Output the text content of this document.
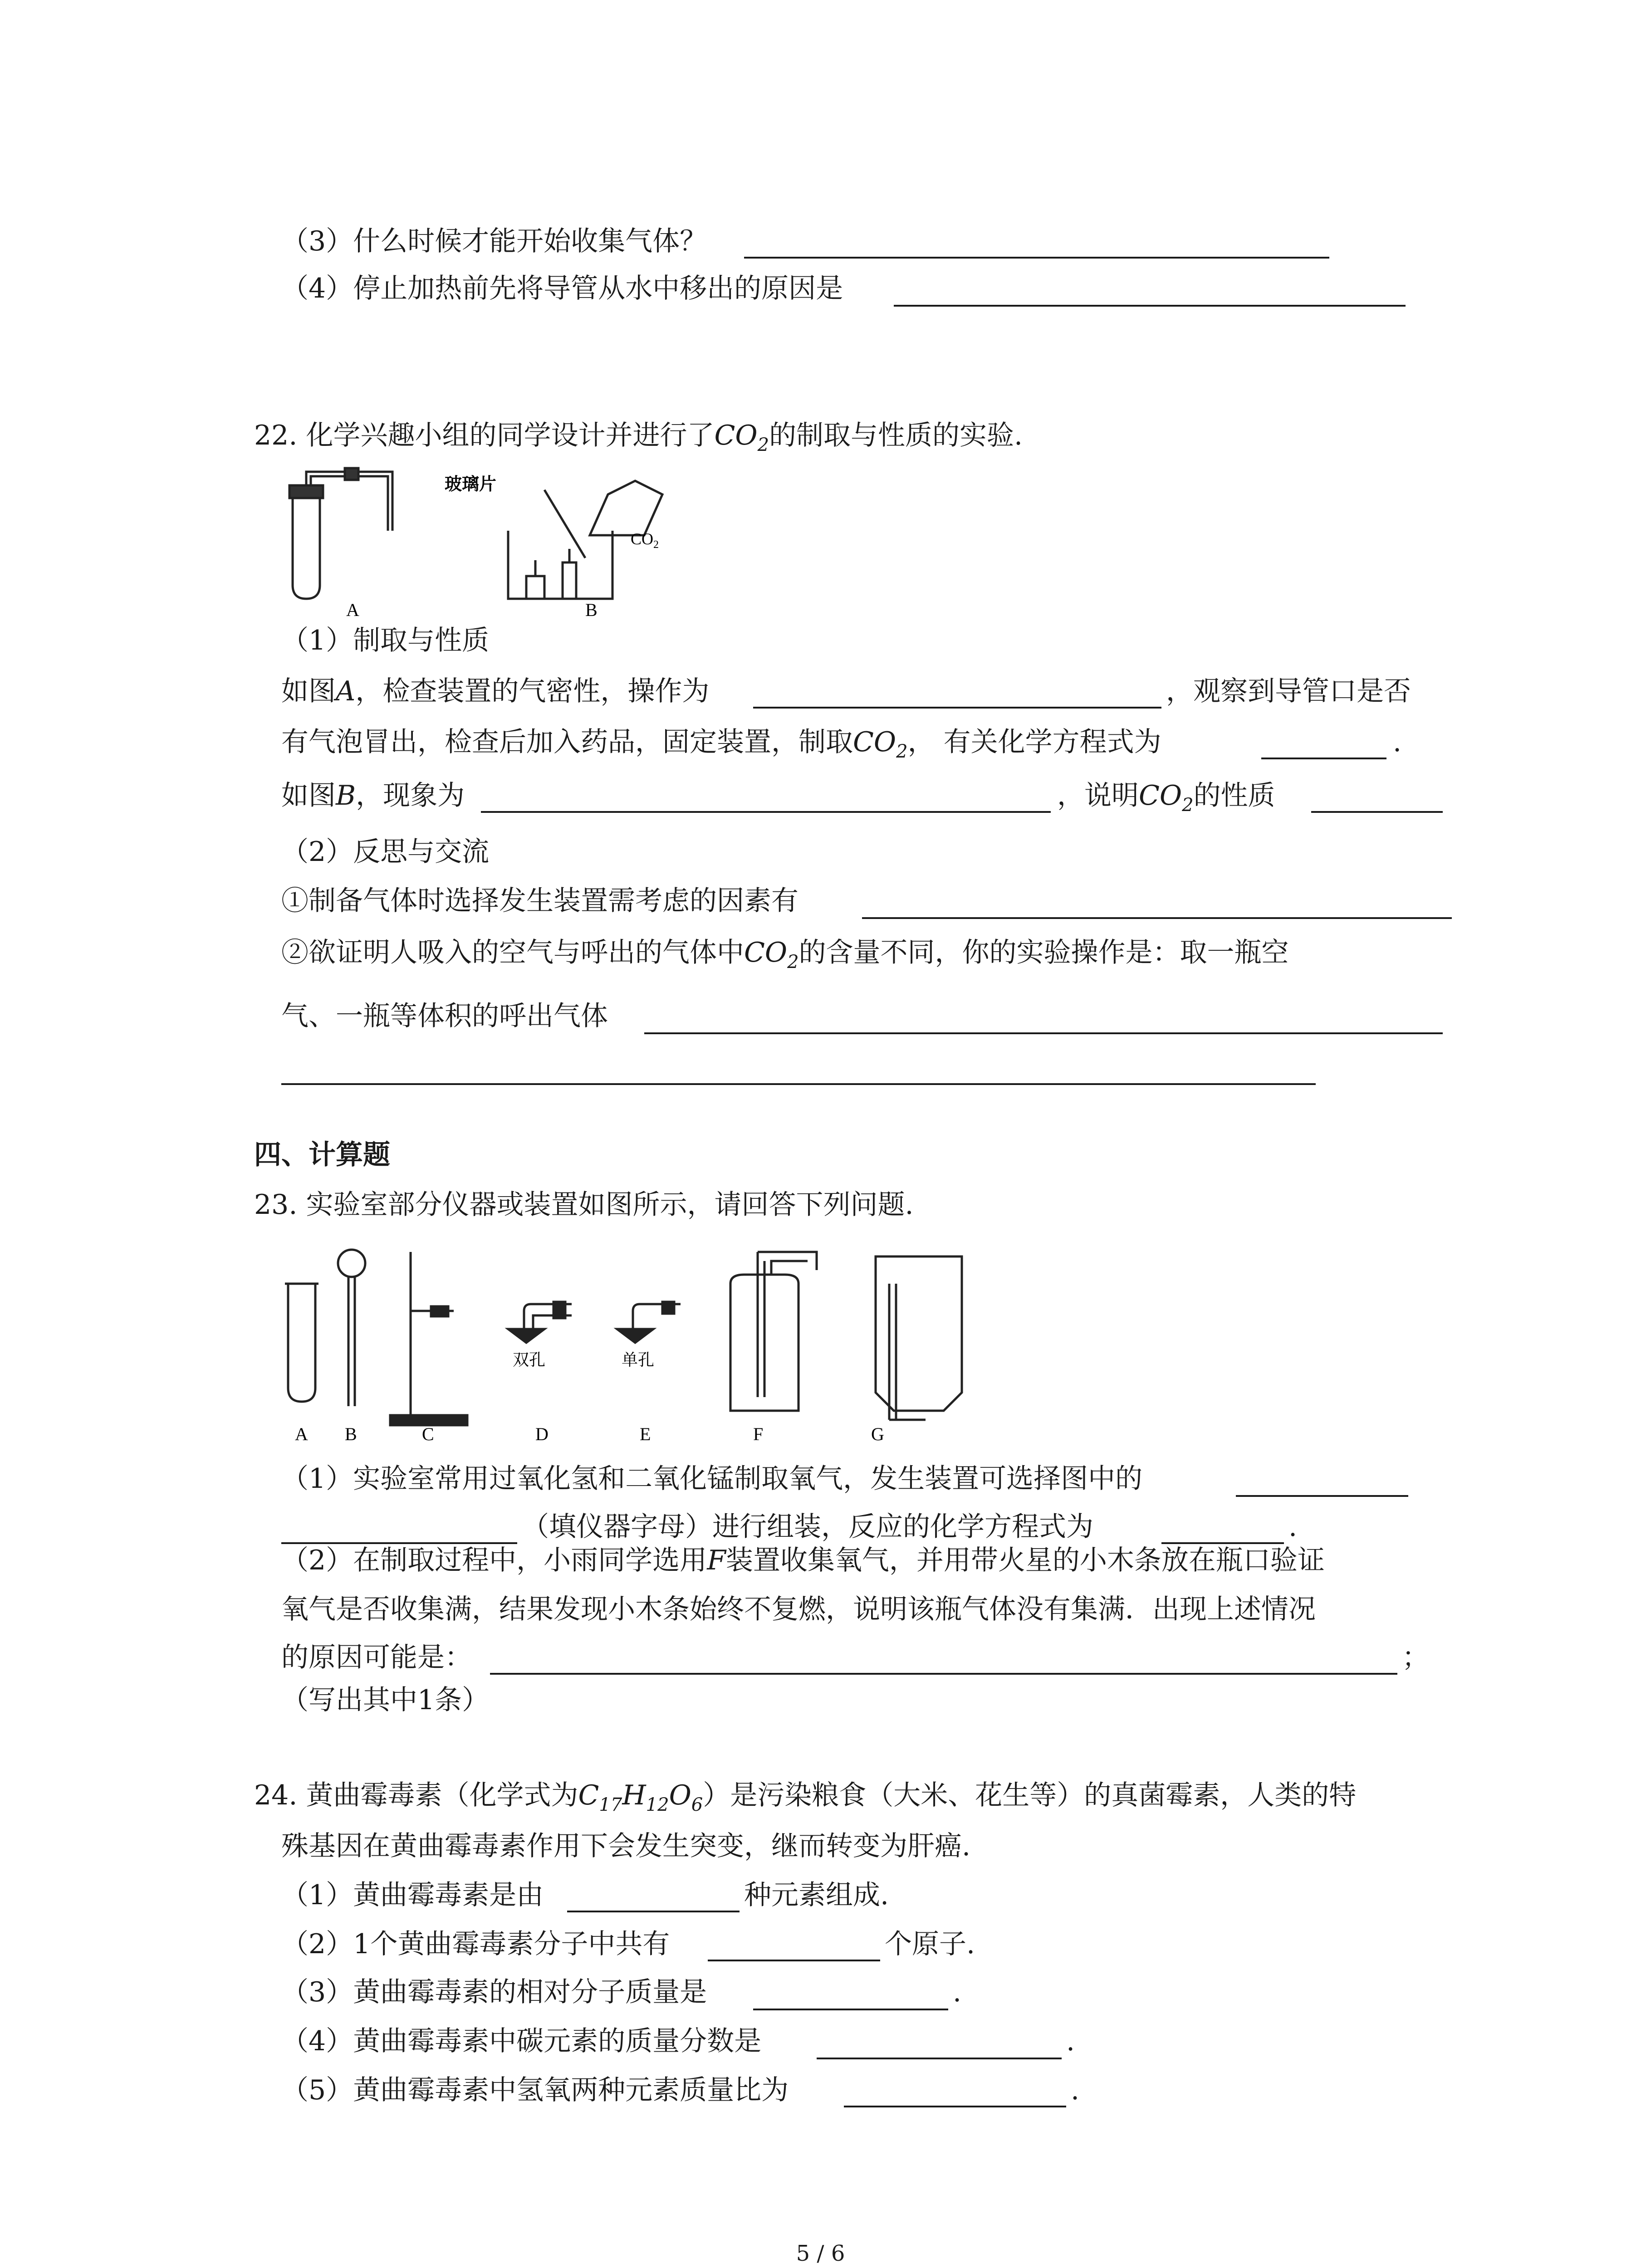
（3）什么时候才能开始收集气体？
（4）停止加热前先将导管从水中移出的原因是
22. 化学兴趣小组的同学设计并进行了$CO_2$的制取与性质的实验.
A
玻璃片
$CO_2$
B
（1）制取与性质
如图A，检查装置的气密性，操作为	，观察到导管口是否
有气泡冒出，检查后加入药品，固定装置，制取$CO_2$， 有关化学方程式为	.
如图B，现象为	，说明$CO_2$的性质
（2）反思与交流
①制备气体时选择发生装置需考虑的因素有
②欲证明人吸入的空气与呼出的气体中$CO_2$的含量不同，你的实验操作是：取一瓶空
气、一瓶等体积的呼出气体
四、计算题
23. 实验室部分仪器或装置如图所示，请回答下列问题.
双孔	单孔
A B	C	D	E	F	G
（1）实验室常用过氧化氢和二氧化锰制取氧气，发生装置可选择图中的
（填仪器字母）进行组装，反应的化学方程式为	.
（2）在制取过程中，小雨同学选用F装置收集氧气，并用带火星的小木条放在瓶口验证
氧气是否收集满，结果发现小木条始终不复燃，说明该瓶气体没有集满．出现上述情况
的原因可能是：	；
（写出其中1条）
24. 黄曲霉毒素（化学式为$C_{17}H_{12}O_6$）是污染粮食（大米、花生等）的真菌霉素，人类的特
殊基因在黄曲霉毒素作用下会发生突变，继而转变为肝癌.
（1）黄曲霉毒素是由	种元素组成.
（2）1个黄曲霉毒素分子中共有	个原子.
（3）黄曲霉毒素的相对分子质量是	.
（4）黄曲霉毒素中碳元素的质量分数是	.
（5）黄曲霉毒素中氢氧两种元素质量比为	.
5 / 6
